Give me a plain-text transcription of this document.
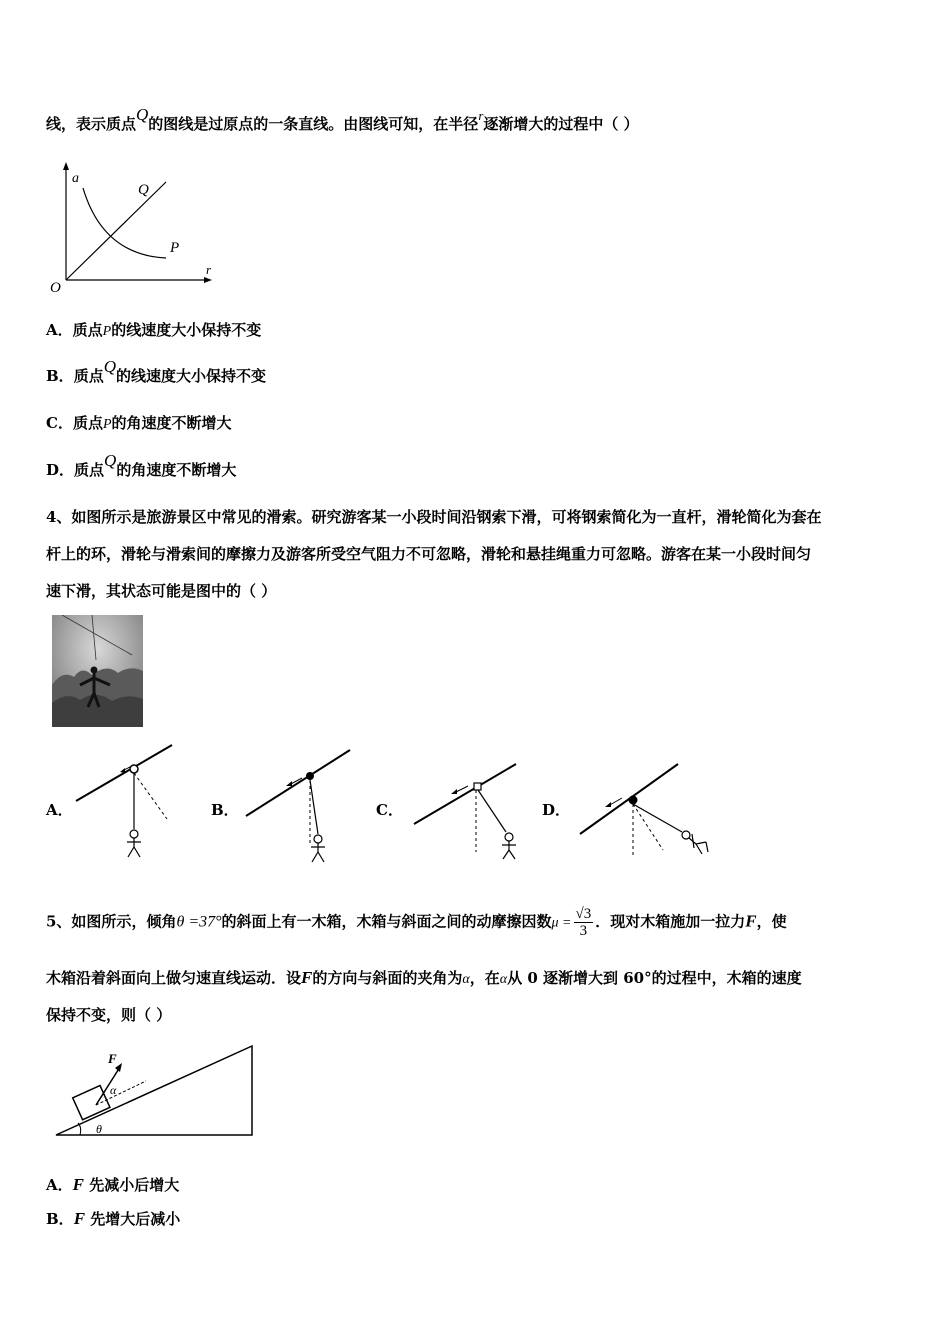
线，表示质点Q的图线是过原点的一条直线。由图线可知，在半径r逐渐增大的过程中（ ）
a
r
O
P
Q
A．质点P的线速度大小保持不变
B．质点Q的线速度大小保持不变
C．质点P的角速度不断增大
D．质点Q的角速度不断增大
4、如图所示是旅游景区中常见的滑索。研究游客某一小段时间沿钢索下滑，可将钢索简化为一直杆，滑轮简化为套在
杆上的环，滑轮与滑索间的摩擦力及游客所受空气阻力不可忽略，滑轮和悬挂绳重力可忽略。游客在某一小段时间匀
速下滑，其状态可能是图中的（ ）
A．	B．	C．	D．
5、如图所示，倾角θ =37°的斜面上有一木箱，木箱与斜面之间的动摩擦因数$\mu = \frac{√3}{3}$ ．现对木箱施加一拉力F，使
木箱沿着斜面向上做匀速直线运动．设F的方向与斜面的夹角为α，在α从 0 逐渐增大到 60°的过程中，木箱的速度
保持不变，则（ ）
F
α
θ
A．F 先减小后增大
B．F 先增大后减小
